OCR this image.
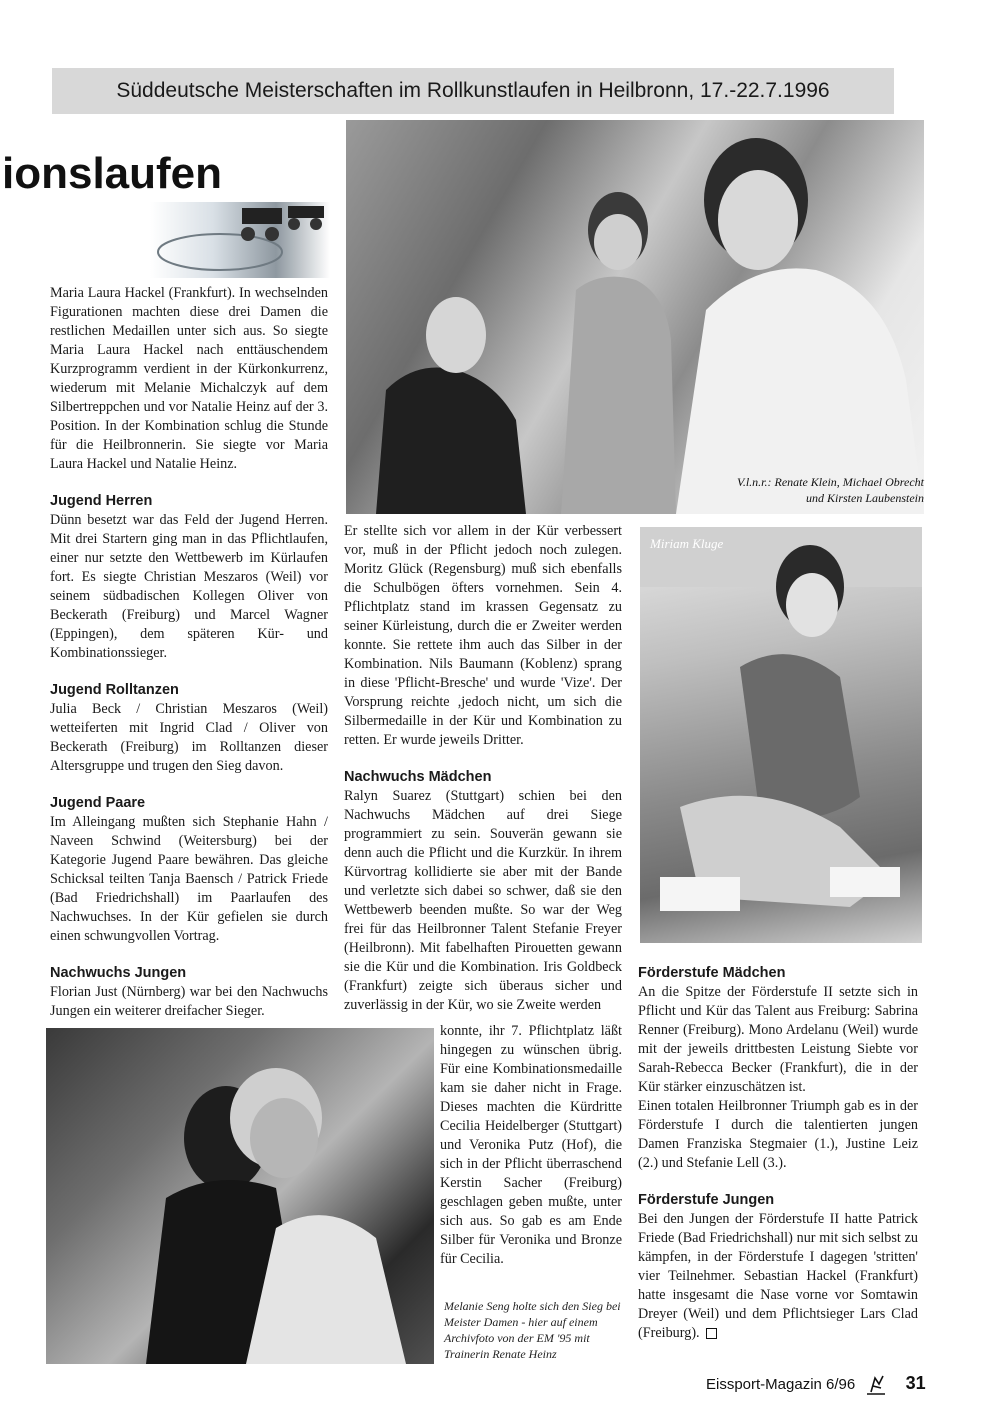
Süddeutsche Meisterschaften im Rollkunstlaufen in Heilbronn, 17.-22.7.1996
ionslaufen
V.l.n.r.: Renate Klein, Michael Obrecht
und Kirsten Laubenstein
Miriam Kluge
Melanie Seng holte sich den Sieg bei Meister Damen - hier auf einem Archivfoto von der EM '95 mit Trainerin Renate Heinz

Maria Laura Hackel (Frankfurt). In wechselnden Figurationen machten diese drei Damen die restlichen Medaillen unter sich aus. So siegte Maria Laura Hackel nach enttäuschendem Kurzprogramm verdient in der Kürkonkurrenz, wiederum mit Melanie Michalczyk auf dem Silbertreppchen und vor Natalie Heinz auf der 3. Position. In der Kombination schlug die Stunde für die Heilbronnerin. Sie siegte vor Maria Laura Hackel und Natalie Heinz.

Jugend Herren

Dünn besetzt war das Feld der Jugend Herren. Mit drei Startern ging man in das Pflichtlaufen, einer nur setzte den Wettbewerb im Kürlaufen fort. Es siegte Christian Meszaros (Weil) vor seinem südbadischen Kollegen Oliver von Beckerath (Freiburg) und Marcel Wagner (Eppingen), dem späteren Kür- und Kombinationssieger.

Jugend Rolltanzen

Julia Beck / Christian Meszaros (Weil) wetteiferten mit Ingrid Clad / Oliver von Beckerath (Freiburg) im Rolltanzen dieser Altersgruppe und trugen den Sieg davon.

Jugend Paare

Im Alleingang mußten sich Stephanie Hahn / Naveen Schwind (Weitersburg) bei der Kategorie Jugend Paare bewähren. Das gleiche Schicksal teilten Tanja Baensch / Patrick Friede (Bad Friedrichshall) im Paarlaufen des Nachwuchses. In der Kür gefielen sie durch einen schwungvollen Vortrag.

Nachwuchs Jungen

Florian Just (Nürnberg) war bei den Nachwuchs Jungen ein weiterer dreifacher Sieger.

Er stellte sich vor allem in der Kür verbessert vor, muß in der Pflicht jedoch noch zulegen. Moritz Glück (Regensburg) muß sich ebenfalls die Schulbögen öfters vornehmen. Sein 4. Pflichtplatz stand im krassen Gegensatz zu seiner Kürleistung, durch die er Zweiter werden konnte. Sie rettete ihm auch das Silber in der Kombination. Nils Baumann (Koblenz) sprang in diese 'Pflicht-Bresche' und wurde 'Vize'. Der Vorsprung reichte ,jedoch nicht, um sich die Silbermedaille in der Kür und Kombination zu retten. Er wurde jeweils Dritter.

Nachwuchs Mädchen

Ralyn Suarez (Stuttgart) schien bei den Nachwuchs Mädchen auf drei Siege programmiert zu sein. Souverän gewann sie denn auch die Pflicht und die Kurzkür. In ihrem Kürvortrag kollidierte sie aber mit der Bande und verletzte sich dabei so schwer, daß sie den Wettbewerb beenden mußte. So war der Weg frei für das Heilbronner Talent Stefanie Freyer (Heilbronn). Mit fabelhaften Pirouetten gewann sie die Kür und die Kombination. Iris Goldbeck (Frankfurt) zeigte sich überaus sicher und zuverlässig in der Kür, wo sie Zweite werden

konnte, ihr 7. Pflichtplatz läßt hingegen zu wünschen übrig. Für eine Kombinationsmedaille kam sie daher nicht in Frage. Dieses machten die Kürdritte Cecilia Heidelberger (Stuttgart) und Veronika Putz (Hof), die sich in der Pflicht überraschend Kerstin Sacher (Freiburg) geschlagen geben mußte, unter sich aus. So gab es am Ende Silber für Veronika und Bronze für Cecilia.

Förderstufe Mädchen

An die Spitze der Förderstufe II setzte sich in Pflicht und Kür das Talent aus Freiburg: Sabrina Renner (Freiburg). Mono Ardelanu (Weil) wurde mit der jeweils drittbesten Leistung Siebte vor Sarah-Rebecca Becker (Frankfurt), die in der Kür stärker einzuschätzen ist.

Einen totalen Heilbronner Triumph gab es in der Förderstufe I durch die talentierten jungen Damen Franziska Stegmaier (1.), Justine Leiz (2.) und Stefanie Lell (3.).

Förderstufe Jungen

Bei den Jungen der Förderstufe II hatte Patrick Friede (Bad Friedrichshall) nur mit sich selbst zu kämpfen, in der Förderstufe I dagegen 'stritten' vier Teilnehmer. Sebastian Hackel (Frankfurt) hatte insgesamt die Nase vorne vor Somtawin Dreyer (Weil) und dem Pflichtsieger Lars Clad (Freiburg).

Eissport-Magazin 6/96	31
